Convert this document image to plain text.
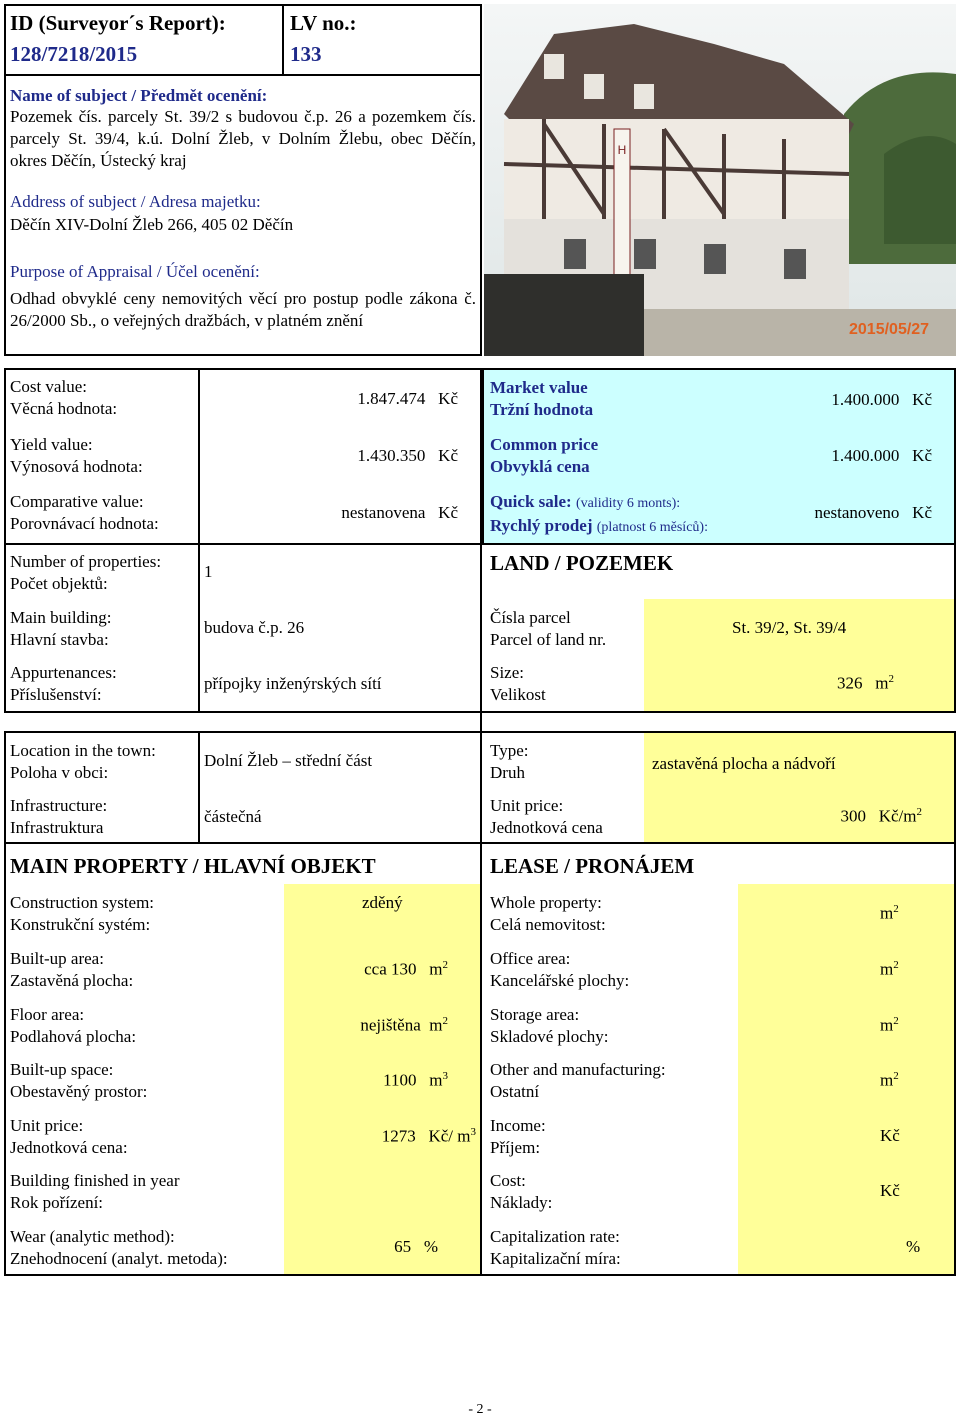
ID (Surveyor´s Report):
128/7218/2015
LV no.:
133
Name of subject / Předmět ocenění:
Pozemek čís. parcely St. 39/2 s budovou č.p. 26 a pozemkem čís. parcely St. 39/4, k.ú. Dolní Žleb, v Dolním Žlebu, obec Děčín, okres Děčín, Ústecký kraj
Address of subject / Adresa majetku:
Děčín XIV-Dolní Žleb 266, 405 02 Děčín
Purpose of Appraisal / Účel ocenění:
Odhad obvyklé ceny nemovitých věcí pro postup podle zákona č. 26/2000 Sb., o veřejných dražbách, v platném znění
H
2015/05/27
Cost value:
Věcná hodnota:
1.847.474 Kč
Yield value:
Výnosová hodnota:
1.430.350 Kč
Comparative value:
Porovnávací hodnota:
nestanovena Kč
Market value
Tržní hodnota
1.400.000 Kč
Common price
Obvyklá cena
1.400.000 Kč
Quick sale: (validity 6 monts):
Rychlý prodej (platnost 6 měsíců):
nestanoveno Kč
Number of properties:
Počet objektů:
1
Main building:
Hlavní stavba:
budova č.p. 26
Appurtenances:
Příslušenství:
přípojky inženýrských sítí
Location in the town:
Poloha v obci:
Dolní Žleb – střední část
Infrastructure:
Infrastruktura
částečná
LAND / POZEMEK
Čísla parcel
Parcel of land nr.
St. 39/2, St. 39/4
Size:
Velikost
326 $m^2$
Type:
Druh	zastavěná plocha a nádvoří
Unit price:
Jednotková cena
300 $Kč/m^2$
MAIN PROPERTY / HLAVNÍ OBJEKT	LEASE / PRONÁJEM
Construction system:
Konstrukční systém:
zděný
Built-up area:
Zastavěná plocha:
cca 130 $m^2$
Floor area:
Podlahová plocha:
nejištěna $m^2$
Built-up space:
Obestavěný prostor:
1100 $m^3$
Unit price:
Jednotková cena:
1273 Kč/ $m^3$
Building finished in year
Rok pořízení:
Wear (analytic method):
Znehodnocení (analyt. metoda):
65 %
Whole property:
Celá nemovitost:
$m^2$
Office area:
Kancelářské plochy:
$m^2$
Storage area:
Skladové plochy:
$m^2$
Other and manufacturing:
Ostatní
$m^2$
Income:
Příjem:
Kč
Cost:
Náklady:
Kč
Capitalization rate:
Kapitalizační míra:
%
- 2 -
